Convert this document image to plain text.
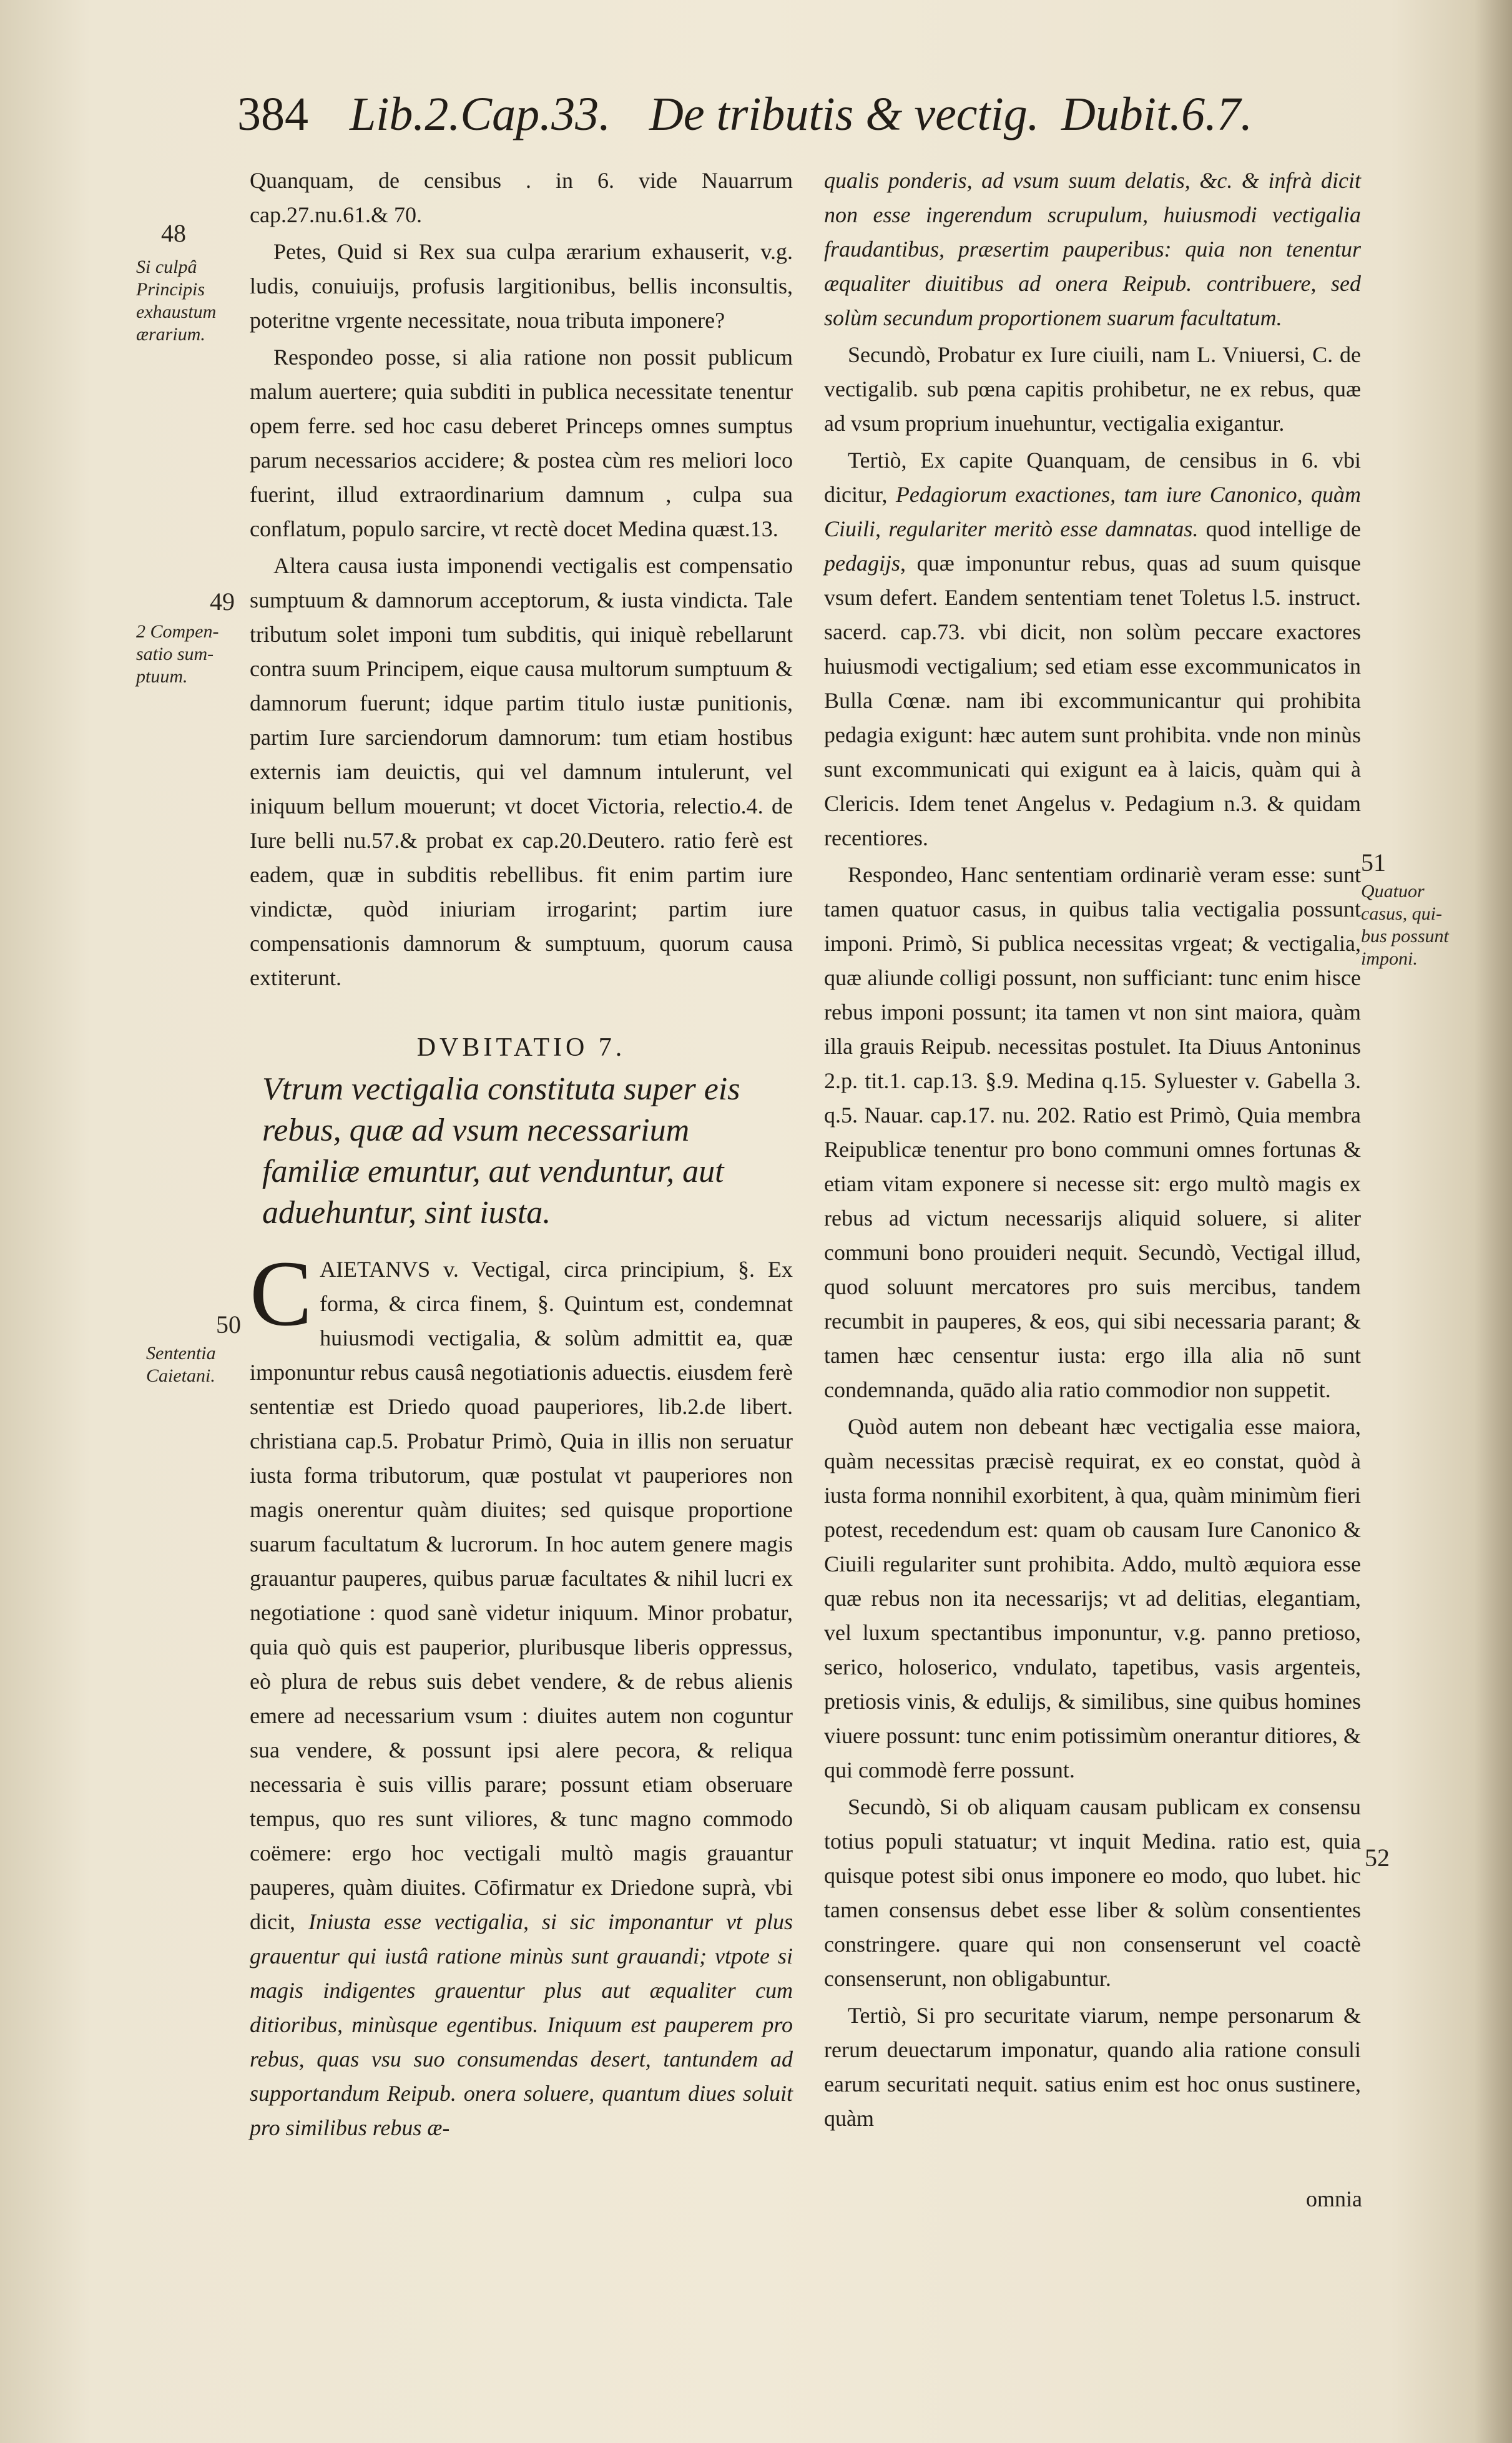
384 Lib.2.Cap.33. De tributis & vectig. Dubit.6.7.
48
Si culpâ
Principis
exhaustum
ærarium.
49
2 Compen-
satio sum-
ptuum.
50
Sententia
Caietani.
51
Quatuor
casus, qui-
bus possunt
imponi.
52

Quanquam, de censibus . in 6. vide Nauarrum cap.27.nu.61.& 70.

Petes, Quid si Rex sua culpa ærarium exhauserit, v.g. ludis, conuiuijs, profusis largitionibus, bellis inconsultis, poteritne vrgente necessitate, noua tributa imponere?

Respondeo posse, si alia ratione non possit publicum malum auertere; quia subditi in publica necessitate tenentur opem ferre. sed hoc casu deberet Princeps omnes sumptus parum necessarios accidere; & postea cùm res meliori loco fuerint, illud extraordinarium damnum , culpa sua conflatum, populo sarcire, vt rectè docet Medina quæst.13.

Altera causa iusta imponendi vectigalis est compensatio sumptuum & damnorum acceptorum, & iusta vindicta. Tale tributum solet imponi tum subditis, qui iniquè rebellarunt contra suum Principem, eique causa multorum sumptuum & damnorum fuerunt; idque partim titulo iustæ punitionis, partim Iure sarciendorum damnorum: tum etiam hostibus externis iam deuictis, qui vel damnum intulerunt, vel iniquum bellum mouerunt; vt docet Victoria, relectio.4. de Iure belli nu.57.& probat ex cap.20.Deutero. ratio ferè est eadem, quæ in subditis rebellibus. fit enim partim iure vindictæ, quòd iniuriam irrogarint; partim iure compensationis damnorum & sumptuum, quorum causa extiterunt.

DVBITATIO 7.
Vtrum vectigalia constituta super eis rebus, quæ ad vsum necessarium familiæ emuntur, aut venduntur, aut aduehuntur, sint iusta.

CAIETANVS v. Vectigal, circa principium, §. Ex forma, & circa finem, §. Quintum est, condemnat huiusmodi vectigalia, & solùm admittit ea, quæ imponuntur rebus causâ negotiationis aduectis. eiusdem ferè sententiæ est Driedo quoad pauperiores, lib.2.de libert. christiana cap.5. Probatur Primò, Quia in illis non seruatur iusta forma tributorum, quæ postulat vt pauperiores non magis onerentur quàm diuites; sed quisque proportione suarum facultatum & lucrorum. In hoc autem genere magis grauantur pauperes, quibus paruæ facultates & nihil lucri ex negotiatione : quod sanè videtur iniquum. Minor probatur, quia quò quis est pauperior, pluribusque liberis oppressus, eò plura de rebus suis debet vendere, & de rebus alienis emere ad necessarium vsum : diuites autem non coguntur sua vendere, & possunt ipsi alere pecora, & reliqua necessaria è suis villis parare; possunt etiam obseruare tempus, quo res sunt viliores, & tunc magno commodo coëmere: ergo hoc vectigali multò magis grauantur pauperes, quàm diuites. Cōfirmatur ex Driedone suprà, vbi dicit, Iniusta esse vectigalia, si sic imponantur vt plus grauentur qui iustâ ratione minùs sunt grauandi; vtpote si magis indigentes grauentur plus aut æqualiter cum ditioribus, minùsque egentibus. Iniquum est pauperem pro rebus, quas vsu suo consumendas desert, tantundem ad supportandum Reipub. onera soluere, quantum diues soluit pro similibus rebus æ-

qualis ponderis, ad vsum suum delatis, &c. & infrà dicit non esse ingerendum scrupulum, huiusmodi vectigalia fraudantibus, præsertim pauperibus: quia non tenentur æqualiter diuitibus ad onera Reipub. contribuere, sed solùm secundum proportionem suarum facultatum.

Secundò, Probatur ex Iure ciuili, nam L. Vniuersi, C. de vectigalib. sub pœna capitis prohibetur, ne ex rebus, quæ ad vsum proprium inuehuntur, vectigalia exigantur.

Tertiò, Ex capite Quanquam, de censibus in 6. vbi dicitur, Pedagiorum exactiones, tam iure Canonico, quàm Ciuili, regulariter meritò esse damnatas. quod intellige de pedagijs, quæ imponuntur rebus, quas ad suum quisque vsum defert. Eandem sententiam tenet Toletus l.5. instruct. sacerd. cap.73. vbi dicit, non solùm peccare exactores huiusmodi vectigalium; sed etiam esse excommunicatos in Bulla Cœnæ. nam ibi excommunicantur qui prohibita pedagia exigunt: hæc autem sunt prohibita. vnde non minùs sunt excommunicati qui exigunt ea à laicis, quàm qui à Clericis. Idem tenet Angelus v. Pedagium n.3. & quidam recentiores.

Respondeo, Hanc sententiam ordinariè veram esse: sunt tamen quatuor casus, in quibus talia vectigalia possunt imponi. Primò, Si publica necessitas vrgeat; & vectigalia, quæ aliunde colligi possunt, non sufficiant: tunc enim hisce rebus imponi possunt; ita tamen vt non sint maiora, quàm illa grauis Reipub. necessitas postulet. Ita Diuus Antoninus 2.p. tit.1. cap.13. §.9. Medina q.15. Syluester v. Gabella 3. q.5. Nauar. cap.17. nu. 202. Ratio est Primò, Quia membra Reipublicæ tenentur pro bono communi omnes fortunas & etiam vitam exponere si necesse sit: ergo multò magis ex rebus ad victum necessarijs aliquid soluere, si aliter communi bono prouideri nequit. Secundò, Vectigal illud, quod soluunt mercatores pro suis mercibus, tandem recumbit in pauperes, & eos, qui sibi necessaria parant; & tamen hæc censentur iusta: ergo illa alia nō sunt condemnanda, quādo alia ratio commodior non suppetit.

Quòd autem non debeant hæc vectigalia esse maiora, quàm necessitas præcisè requirat, ex eo constat, quòd à iusta forma nonnihil exorbitent, à qua, quàm minimùm fieri potest, recedendum est: quam ob causam Iure Canonico & Ciuili regulariter sunt prohibita. Addo, multò æquiora esse quæ rebus non ita necessarijs; vt ad delitias, elegantiam, vel luxum spectantibus imponuntur, v.g. panno pretioso, serico, holoserico, vndulato, tapetibus, vasis argenteis, pretiosis vinis, & edulijs, & similibus, sine quibus homines viuere possunt: tunc enim potissimùm onerantur ditiores, & qui commodè ferre possunt.

Secundò, Si ob aliquam causam publicam ex consensu totius populi statuatur; vt inquit Medina. ratio est, quia quisque potest sibi onus imponere eo modo, quo lubet. hic tamen consensus debet esse liber & solùm consentientes constringere. quare qui non consenserunt vel coactè consenserunt, non obligabuntur.

Tertiò, Si pro securitate viarum, nempe personarum & rerum deuectarum imponatur, quando alia ratione consuli earum securitati nequit. satius enim est hoc onus sustinere, quàm

omnia
